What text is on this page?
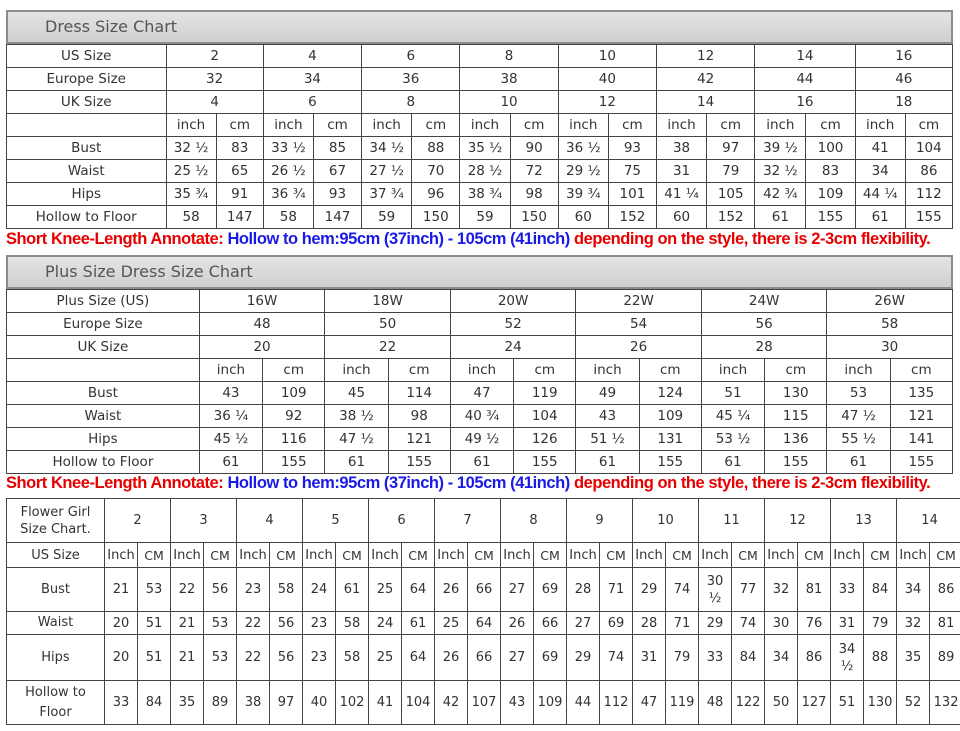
Dress Size Chart
US Size	2		4		6		8		10		12		14		16	
Europe Size	32		34		36		38		40		42		44		46	
UK Size	4		6		8		10		12		14		16		18	
	inch	cm	inch	cm	inch	cm	inch	cm	inch	cm	inch	cm	inch	cm	inch	cm
Bust	32 ½	83	33 ½	85	34 ½	88	35 ½	90	36 ½	93	38	97	39 ½	100	41	104
Waist	25 ½	65	26 ½	67	27 ½	70	28 ½	72	29 ½	75	31	79	32 ½	83	34	86
Hips	35 ¾	91	36 ¾	93	37 ¾	96	38 ¾	98	39 ¾	101	41 ¼	105	42 ¾	109	44 ¼	112
Hollow to Floor	58	147	58	147	59	150	59	150	60	152	60	152	61	155	61	155
Short Knee-Length Annotate: Hollow to hem:95cm (37inch) - 105cm (41inch) depending on the style, there is 2-3cm flexibility.
Plus Size Dress Size Chart
Plus Size (US)	16W		18W		20W		22W		24W		26W	
Europe Size	48		50		52		54		56		58	
UK Size	20		22		24		26		28		30	
	inch	cm	inch	cm	inch	cm	inch	cm	inch	cm	inch	cm
Bust	43	109	45	114	47	119	49	124	51	130	53	135
Waist	36 ¼	92	38 ½	98	40 ¾	104	43	109	45 ¼	115	47 ½	121
Hips	45 ½	116	47 ½	121	49 ½	126	51 ½	131	53 ½	136	55 ½	141
Hollow to Floor	61	155	61	155	61	155	61	155	61	155	61	155
Short Knee-Length Annotate: Hollow to hem:95cm (37inch) - 105cm (41inch) depending on the style, there is 2-3cm flexibility.
Flower Girl Size Chart.	2		3		4		5		6		7		8		9		10		11		12		13		14	
US Size	Inch	CM	Inch	CM	Inch	CM	Inch	CM	Inch	CM	Inch	CM	Inch	CM	Inch	CM	Inch	CM	Inch	CM	Inch	CM	Inch	CM	Inch	CM
Bust	21	53	22	56	23	58	24	61	25	64	26	66	27	69	28	71	29	74	30 ½	77	32	81	33	84	34	86
Waist	20	51	21	53	22	56	23	58	24	61	25	64	26	66	27	69	28	71	29	74	30	76	31	79	32	81
Hips	20	51	21	53	22	56	23	58	25	64	26	66	27	69	29	74	31	79	33	84	34	86	34 ½	88	35	89
Hollow to Floor	33	84	35	89	38	97	40	102	41	104	42	107	43	109	44	112	47	119	48	122	50	127	51	130	52	132
